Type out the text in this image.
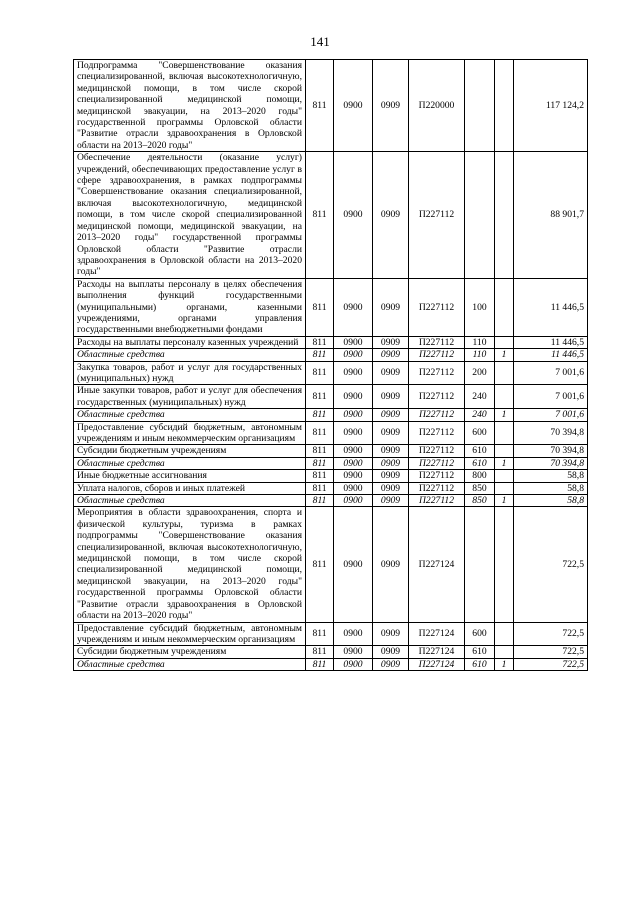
141
Подпрограмма "Совершенствование оказания специализированной, включая высокотехнологичную, медицинской помощи, в том числе скорой специализированной медицинской помощи, медицинской эвакуации, на 2013–2020 годы" государственной программы Орловской области "Развитие отрасли здравоохранения в Орловской области на 2013–2020 годы"	811	0900	0909	П220000			117 124,2
Обеспечение деятельности (оказание услуг) учреждений, обеспечивающих предоставление услуг в сфере здравоохранения, в рамках подпрограммы "Совершенствование оказания специализированной, включая высокотехнологичную, медицинской помощи, в том числе скорой специализированной медицинской помощи, медицинской эвакуации, на 2013–2020 годы" государственной программы Орловской области "Развитие отрасли здравоохранения в Орловской области на 2013–2020 годы"	811	0900	0909	П227112			88 901,7
Расходы на выплаты персоналу в целях обеспечения выполнения функций государственными (муниципальными) органами, казенными учреждениями, органами управления государственными внебюджетными фондами	811	0900	0909	П227112	100		11 446,5
Расходы на выплаты персоналу казенных учреждений	811	0900	0909	П227112	110		11 446,5
Областные средства	811	0900	0909	П227112	110	1	11 446,5
Закупка товаров, работ и услуг для государственных (муниципальных) нужд	811	0900	0909	П227112	200		7 001,6
Иные закупки товаров, работ и услуг для обеспечения государственных (муниципальных) нужд	811	0900	0909	П227112	240		7 001,6
Областные средства	811	0900	0909	П227112	240	1	7 001,6
Предоставление субсидий бюджетным, автономным учреждениям и иным некоммерческим организациям	811	0900	0909	П227112	600		70 394,8
Субсидии бюджетным учреждениям	811	0900	0909	П227112	610		70 394,8
Областные средства	811	0900	0909	П227112	610	1	70 394,8
Иные бюджетные ассигнования	811	0900	0909	П227112	800		58,8
Уплата налогов, сборов и иных платежей	811	0900	0909	П227112	850		58,8
Областные средства	811	0900	0909	П227112	850	1	58,8
Мероприятия в области здравоохранения, спорта и физической культуры, туризма в рамках подпрограммы "Совершенствование оказания специализированной, включая высокотехнологичную, медицинской помощи, в том числе скорой специализированной медицинской помощи, медицинской эвакуации, на 2013–2020 годы" государственной программы Орловской области "Развитие отрасли здравоохранения в Орловской области на 2013–2020 годы"	811	0900	0909	П227124			722,5
Предоставление субсидий бюджетным, автономным учреждениям и иным некоммерческим организациям	811	0900	0909	П227124	600		722,5
Субсидии бюджетным учреждениям	811	0900	0909	П227124	610		722,5
Областные средства	811	0900	0909	П227124	610	1	722,5
